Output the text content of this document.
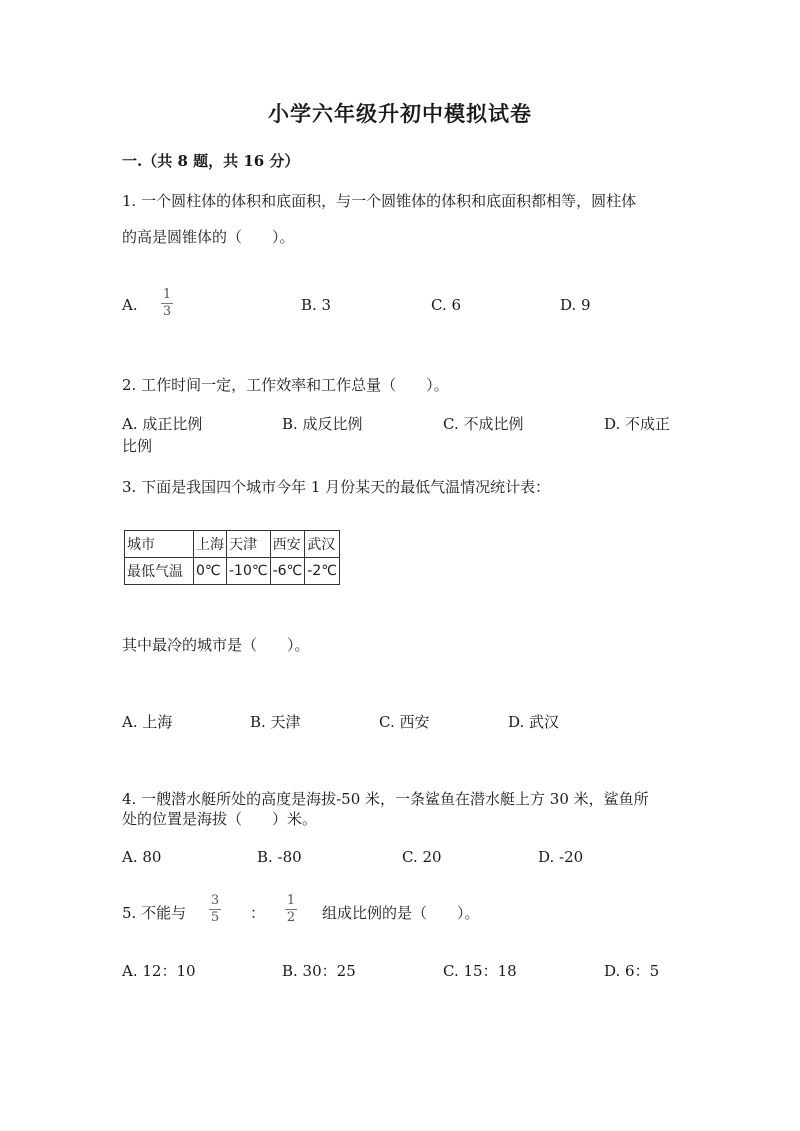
小学六年级升初中模拟试卷
一.（共 8 题，共 16 分）
1. 一个圆柱体的体积和底面积，与一个圆锥体的体积和底面积都相等，圆柱体
的高是圆锥体的（　　）。
A.
1
3	B. 3	C. 6	D. 9
2. 工作时间一定，工作效率和工作总量（　　）。
A. 成正比例	B. 成反比例	C. 不成比例	D. 不成正
比例
3. 下面是我国四个城市今年 1 月份某天的最低气温情况统计表：
城市	上海	天津	西安	武汉
最低气温	0℃	-10℃	-6℃	-2℃
其中最冷的城市是（　　）。
A. 上海	B. 天津	C. 西安	D. 武汉
4. 一艘潜水艇所处的高度是海拔-50 米，一条鲨鱼在潜水艇上方 30 米，鲨鱼所
处的位置是海拔（　　）米。
A. 80	B. -80	C. 20	D. -20
5. 不能与
3
5 ：
1
2 组成比例的是（　　）。
A. 12：10	B. 30：25	C. 15：18	D. 6：5
